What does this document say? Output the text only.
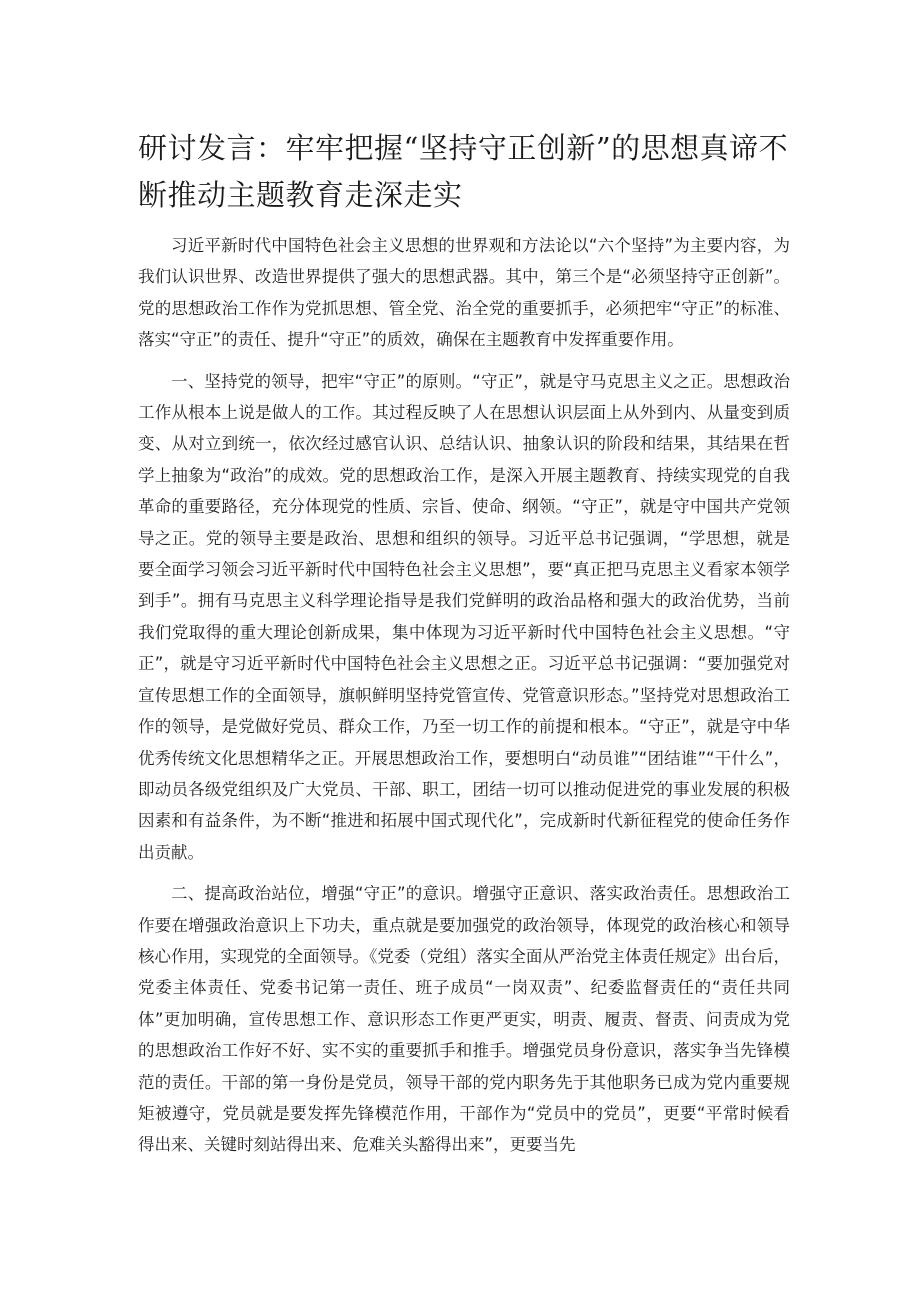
研讨发言：牢牢把握“坚持守正创新”的思想真谛不断推动主题教育走深走实

习近平新时代中国特色社会主义思想的世界观和方法论以“六个坚持”为主要内容，为我们认识世界、改造世界提供了强大的思想武器。其中，第三个是“必须坚持守正创新”。党的思想政治工作作为党抓思想、管全党、治全党的重要抓手，必须把牢“守正”的标准、落实“守正”的责任、提升“守正”的质效，确保在主题教育中发挥重要作用。

一、坚持党的领导，把牢“守正”的原则。“守正”，就是守马克思主义之正。思想政治工作从根本上说是做人的工作。其过程反映了人在思想认识层面上从外到内、从量变到质变、从对立到统一，依次经过感官认识、总结认识、抽象认识的阶段和结果，其结果在哲学上抽象为“政治”的成效。党的思想政治工作，是深入开展主题教育、持续实现党的自我革命的重要路径，充分体现党的性质、宗旨、使命、纲领。“守正”，就是守中国共产党领导之正。党的领导主要是政治、思想和组织的领导。习近平总书记强调，“学思想，就是要全面学习领会习近平新时代中国特色社会主义思想”，要“真正把马克思主义看家本领学到手”。拥有马克思主义科学理论指导是我们党鲜明的政治品格和强大的政治优势，当前我们党取得的重大理论创新成果，集中体现为习近平新时代中国特色社会主义思想。“守正”，就是守习近平新时代中国特色社会主义思想之正。习近平总书记强调：“要加强党对宣传思想工作的全面领导，旗帜鲜明坚持党管宣传、党管意识形态。”坚持党对思想政治工作的领导，是党做好党员、群众工作，乃至一切工作的前提和根本。“守正”，就是守中华优秀传统文化思想精华之正。开展思想政治工作，要想明白“动员谁”“团结谁”“干什么”，即动员各级党组织及广大党员、干部、职工，团结一切可以推动促进党的事业发展的积极因素和有益条件，为不断“推进和拓展中国式现代化”，完成新时代新征程党的使命任务作出贡献。

二、提高政治站位，增强“守正”的意识。增强守正意识、落实政治责任。思想政治工作要在增强政治意识上下功夫，重点就是要加强党的政治领导，体现党的政治核心和领导核心作用，实现党的全面领导。《党委（党组）落实全面从严治党主体责任规定》出台后，党委主体责任、党委书记第一责任、班子成员“一岗双责”、纪委监督责任的“责任共同体”更加明确，宣传思想工作、意识形态工作更严更实，明责、履责、督责、问责成为党的思想政治工作好不好、实不实的重要抓手和推手。增强党员身份意识，落实争当先锋模范的责任。干部的第一身份是党员，领导干部的党内职务先于其他职务已成为党内重要规矩被遵守，党员就是要发挥先锋模范作用，干部作为“党员中的党员”，更要“平常时候看得出来、关键时刻站得出来、危难关头豁得出来”，更要当先
